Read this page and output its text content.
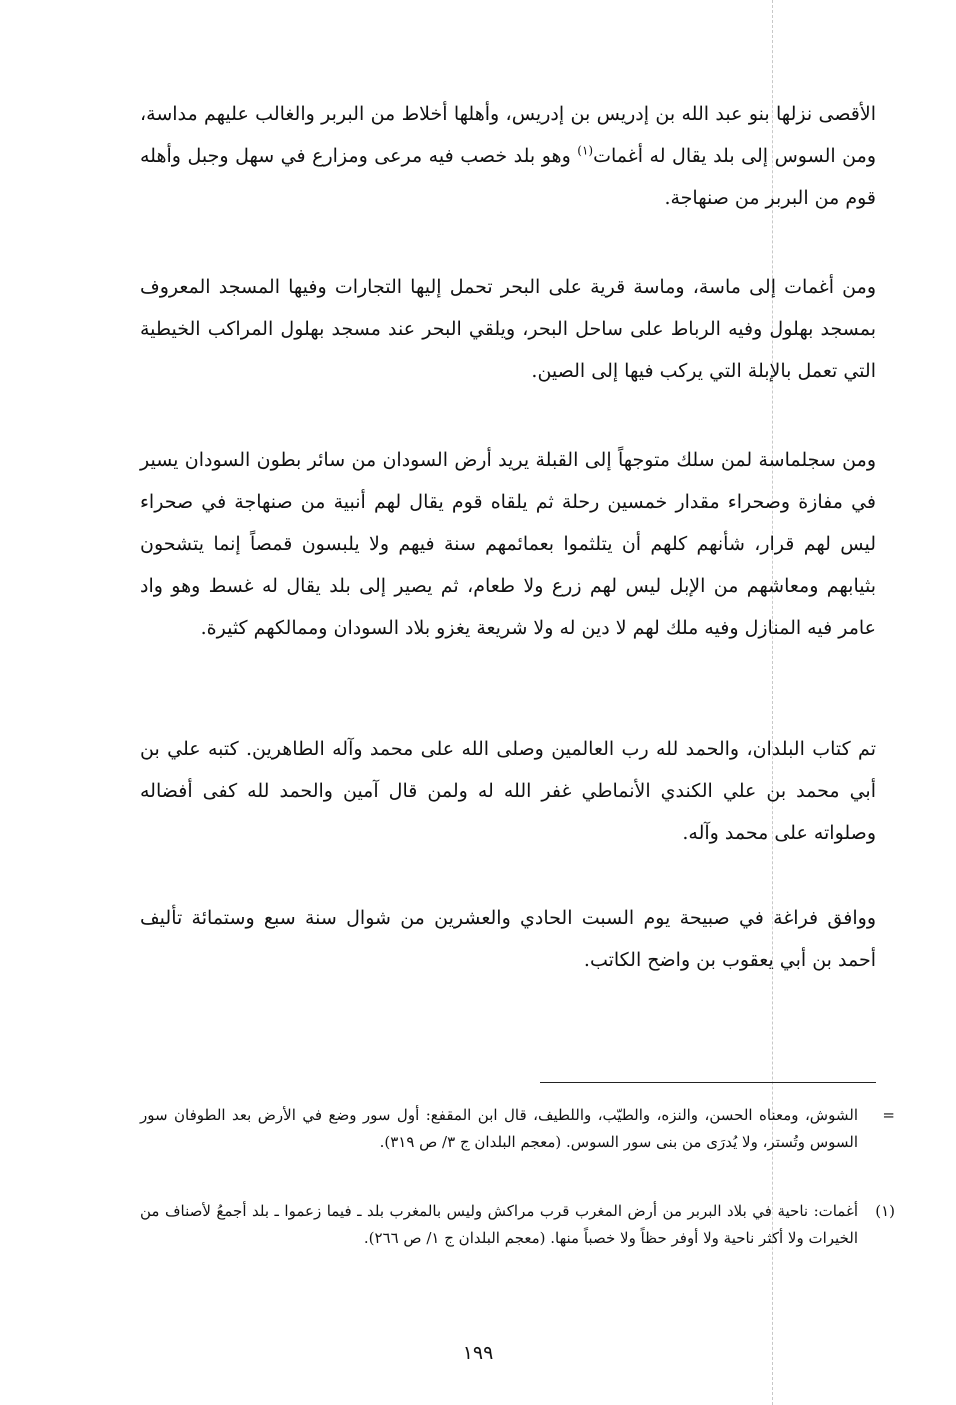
الأقصى نزلها بنو عبد الله بن إدريس بن إدريس، وأهلها أخلاط من البربر والغالب عليهم مداسة، ومن السوس إلى بلد يقال له أغمات$^{(١)}$ وهو بلد خصب فيه مرعى ومزارع في سهل وجبل وأهله قوم من البربر من صنهاجة.

ومن أغمات إلى ماسة، وماسة قرية على البحر تحمل إليها التجارات وفيها المسجد المعروف بمسجد بهلول وفيه الرباط على ساحل البحر، ويلقي البحر عند مسجد بهلول المراكب الخيطية التي تعمل بالإبلة التي يركب فيها إلى الصين.

ومن سجلماسة لمن سلك متوجهاً إلى القبلة يريد أرض السودان من سائر بطون السودان يسير في مفازة وصحراء مقدار خمسين رحلة ثم يلقاه قوم يقال لهم أنبية من صنهاجة في صحراء ليس لهم قرار، شأنهم كلهم أن يتلثموا بعمائمهم سنة فيهم ولا يلبسون قمصاً إنما يتشحون بثيابهم ومعاشهم من الإبل ليس لهم زرع ولا طعام، ثم يصير إلى بلد يقال له غسط وهو واد عامر فيه المنازل وفيه ملك لهم لا دين له ولا شريعة يغزو بلاد السودان وممالكهم كثيرة.

تم كتاب البلدان، والحمد لله رب العالمين وصلى الله على محمد وآله الطاهرين. كتبه علي بن أبي محمد بن علي الكندي الأنماطي غفر الله له ولمن قال آمين والحمد لله كفى أفضاله وصلواته على محمد وآله.

ووافق فراغة في صبيحة يوم السبت الحادي والعشرين من شوال سنة سبع وستمائة تأليف أحمد بن أبي يعقوب بن واضح الكاتب.

=
الشوش، ومعناه الحسن، والنزه، والطيّب، واللطيف، قال ابن المقفع: أول سور وضع في الأرض بعد الطوفان سور السوس وتُستر، ولا يُدرَى من بنى سور السوس. (معجم البلدان ج ٣/ ص ٣١٩).
(١)
أغمات: ناحية في بلاد البربر من أرض المغرب قرب مراكش وليس بالمغرب بلد ـ فيما زعموا ـ بلد أجمعُ لأصناف من الخيرات ولا أكثر ناحية ولا أوفر حظاً ولا خصباً منها. (معجم البلدان ج ١/ ص ٢٦٦).
١٩٩
